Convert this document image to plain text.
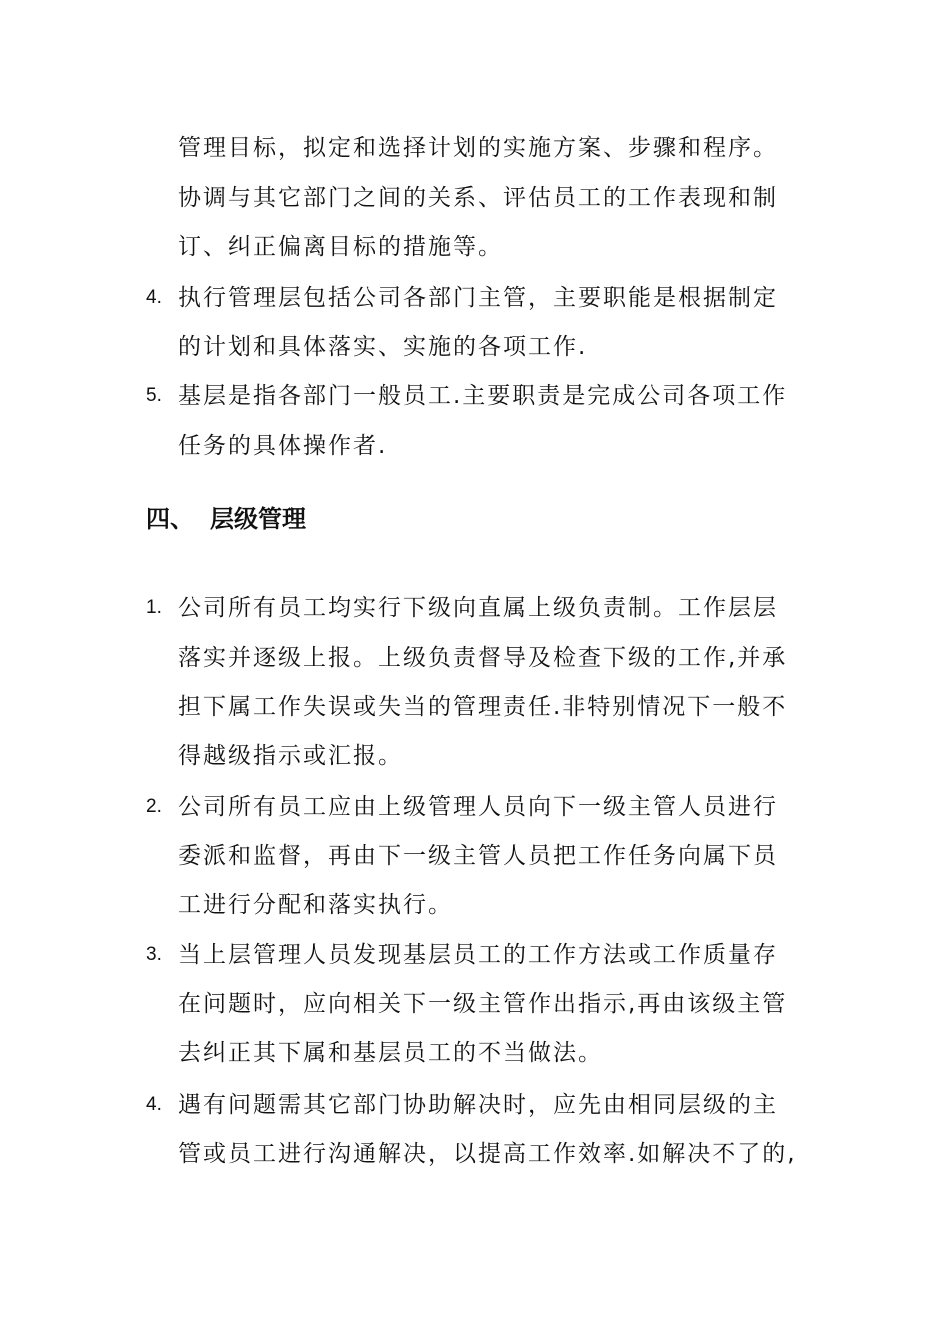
管理目标，拟定和选择计划的实施方案、步骤和程序。
协调与其它部门之间的关系、评估员工的工作表现和制
订、纠正偏离目标的措施等。
4. 执行管理层包括公司各部门主管，主要职能是根据制定
的计划和具体落实、实施的各项工作.
5. 基层是指各部门一般员工.主要职责是完成公司各项工作
任务的具体操作者.
四、 层级管理
1. 公司所有员工均实行下级向直属上级负责制。工作层层
落实并逐级上报。上级负责督导及检查下级的工作,并承
担下属工作失误或失当的管理责任.非特别情况下一般不
得越级指示或汇报。
2. 公司所有员工应由上级管理人员向下一级主管人员进行
委派和监督，再由下一级主管人员把工作任务向属下员
工进行分配和落实执行。
3. 当上层管理人员发现基层员工的工作方法或工作质量存
在问题时，应向相关下一级主管作出指示,再由该级主管
去纠正其下属和基层员工的不当做法。
4. 遇有问题需其它部门协助解决时，应先由相同层级的主
管或员工进行沟通解决，以提高工作效率.如解决不了的,
